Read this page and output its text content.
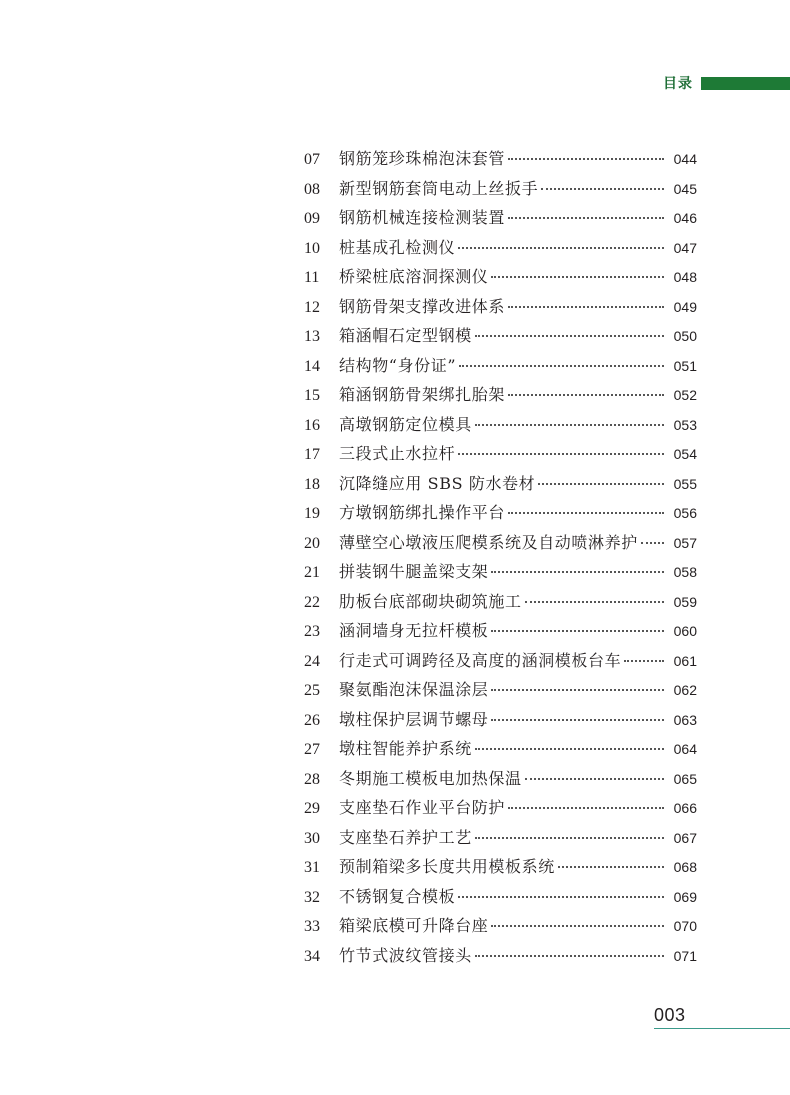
目录
07	钢筋笼珍珠棉泡沫套管	044
08	新型钢筋套筒电动上丝扳手	045
09	钢筋机械连接检测装置	046
10	桩基成孔检测仪	047
11	桥梁桩底溶洞探测仪	048
12	钢筋骨架支撑改进体系	049
13	箱涵帽石定型钢模	050
14	结构物“身份证”	051
15	箱涵钢筋骨架绑扎胎架	052
16	高墩钢筋定位模具	053
17	三段式止水拉杆	054
18	沉降缝应用 SBS 防水卷材	055
19	方墩钢筋绑扎操作平台	056
20	薄壁空心墩液压爬模系统及自动喷淋养护	057
21	拼装钢牛腿盖梁支架	058
22	肋板台底部砌块砌筑施工	059
23	涵洞墙身无拉杆模板	060
24	行走式可调跨径及高度的涵洞模板台车	061
25	聚氨酯泡沫保温涂层	062
26	墩柱保护层调节螺母	063
27	墩柱智能养护系统	064
28	冬期施工模板电加热保温	065
29	支座垫石作业平台防护	066
30	支座垫石养护工艺	067
31	预制箱梁多长度共用模板系统	068
32	不锈钢复合模板	069
33	箱梁底模可升降台座	070
34	竹节式波纹管接头	071
003
